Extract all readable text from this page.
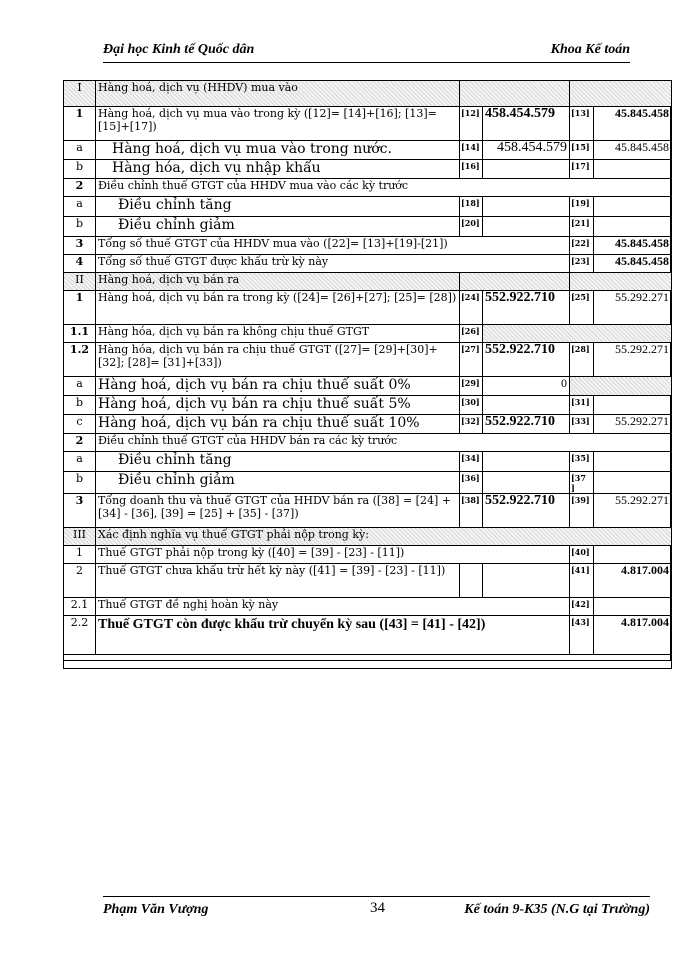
Đại học Kinh tế Quốc dân	Khoa Kế toán
I	Hàng hoá, dịch vụ (HHDV) mua vào				
1	Hàng hoá, dịch vụ mua vào trong kỳ ([12]= [14]+[16]; [13]= [15]+[17])	[12]	458.454.579	[13]	45.845.458
a	Hàng hoá, dịch vụ mua vào trong nước.	[14]	458.454.579	[15]	45.845.458
b	Hàng hóa, dịch vụ nhập khẩu	[16]		[17]	
2	Điều chỉnh thuế GTGT của HHDV mua vào các kỳ trước				
a	Điều chỉnh tăng	[18]		[19]	
b	Điều chỉnh giảm	[20]		[21]	
3	Tổng số thuế GTGT của HHDV mua vào ([22]= [13]+[19]-[21])			[22]	45.845.458
4	Tổng số thuế GTGT được khấu trừ kỳ này			[23]	45.845.458
II	Hàng hoá, dịch vụ bán ra				
1	Hàng hoá, dịch vụ bán ra trong kỳ ([24]= [26]+[27]; [25]= [28])	[24]	552.922.710	[25]	55.292.271
1.1	Hàng hóa, dịch vụ bán ra không chịu thuế GTGT	[26]			
1.2	Hàng hóa, dịch vụ bán ra chịu thuế GTGT ([27]= [29]+[30]+[32]; [28]= [31]+[33])	[27]	552.922.710	[28]	55.292.271
a	Hàng hoá, dịch vụ bán ra chịu thuế suất 0%	[29]	0		
b	Hàng hoá, dịch vụ bán ra chịu thuế suất 5%	[30]		[31]	
c	Hàng hoá, dịch vụ bán ra chịu thuế suất 10%	[32]	552.922.710	[33]	55.292.271
2	Điều chỉnh thuế GTGT của HHDV bán ra các kỳ trước				
a	Điều chỉnh tăng	[34]		[35]	
b	Điều chỉnh giảm	[36]		[37 ]	
3	Tổng doanh thu và thuế GTGT của HHDV bán ra ([38] = [24] + [34] - [36], [39] = [25] + [35] - [37])	[38]	552.922.710	[39]	55.292.271
III	Xác định nghĩa vụ thuế GTGT phải nộp trong kỳ:				
1	Thuế GTGT phải nộp trong kỳ ([40] = [39] - [23] - [11])			[40]	
2	Thuế GTGT chưa khấu trừ hết kỳ này ([41] = [39] - [23] - [11])			[41]	4.817.004
2.1	Thuế GTGT đề nghị hoàn kỳ này			[42]	
2.2	Thuế GTGT còn được khấu trừ chuyển kỳ sau ([43] = [41] - [42])			[43]	4.817.004

Phạm Văn Vượng	34	Kế toán 9-K35 (N.G tại Trường)
